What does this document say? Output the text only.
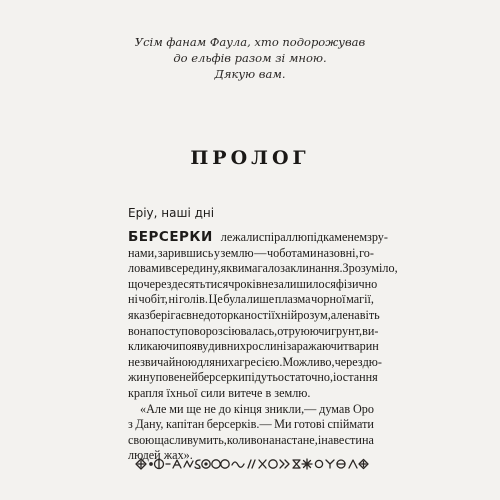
Усім фанам Фаула, хто подорожував
до ельфів разом зі мною.
Дякую вам.
ПРОЛОГ
Еріу, наші дні
БЕРСЕРКИ лежали спіраллю під каменем з ру-
нами, зарившись у землю — чоботами назовні, го-
ловами всередину, як вимагало заклинання. Зрозуміло,
що через десять тисяч років не залишилося фізично
ні чобіт, ні голів. Це була лише плазма чорної магії,
яка зберігає в недоторканості їхній розум, але навіть
вона поступово розсіювалась, отруюючи грунт, ви-
кликаючи появу дивних рослин і заражаючи тварин
незвичайною для них агресією. Можливо, через дю-
жину повеней берсерки підуть остаточно, і остання
крапля їхньої сили витече в землю.
«Але ми ще не до кінця зникли,— думав Оро
з Дану, капітан берсерків.— Ми готові спіймати
свою щасливу мить, коли вона настане, і навести на
людей жах».
